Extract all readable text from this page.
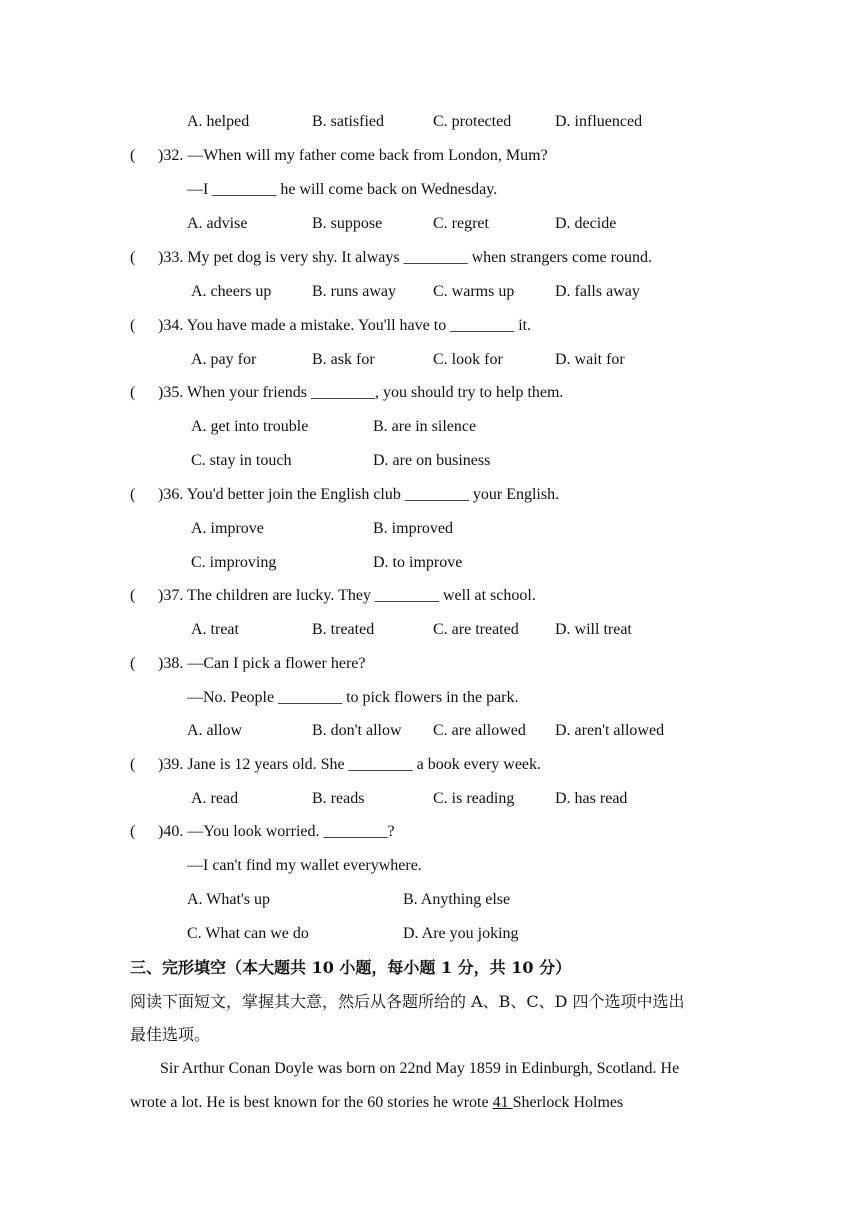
A. helped	B. satisfied	C. protected	D. influenced
( )32. —When will my father come back from London, Mum?
—I ________ he will come back on Wednesday.
A. advise	B. suppose	C. regret	D. decide
( )33. My pet dog is very shy. It always ________ when strangers come round.
A. cheers up	B. runs away C. warms up	D. falls away
( )34. You have made a mistake. You'll have to ________ it.
A. pay for	B. ask for	C. look for	D. wait for
( )35. When your friends ________, you should try to help them.
A. get into trouble	B. are in silence
C. stay in touch	D. are on business
( )36. You'd better join the English club ________ your English.
A. improve	B. improved
C. improving	D. to improve
( )37. The children are lucky. They ________ well at school.
A. treat	B. treated	C. are treated D. will treat
( )38. —Can I pick a flower here?
—No. People ________ to pick flowers in the park.
A. allow	B. don't allow C. are allowed D. aren't allowed
( )39. Jane is 12 years old. She ________ a book every week.
A. read	B. reads	C. is reading	D. has read
( )40. —You look worried. ________?
—I can't find my wallet everywhere.
A. What's up	B. Anything else
C. What can we do	D. Are you joking
三、完形填空（本大题共 10 小题，每小题 1 分，共 10 分）
阅读下面短文，掌握其大意，然后从各题所给的 A、B、C、D 四个选项中选出
最佳选项。
Sir Arthur Conan Doyle was born on 22nd May 1859 in Edinburgh, Scotland. He
wrote a lot. He is best known for the 60 stories he wrote 41 Sherlock Holmes
